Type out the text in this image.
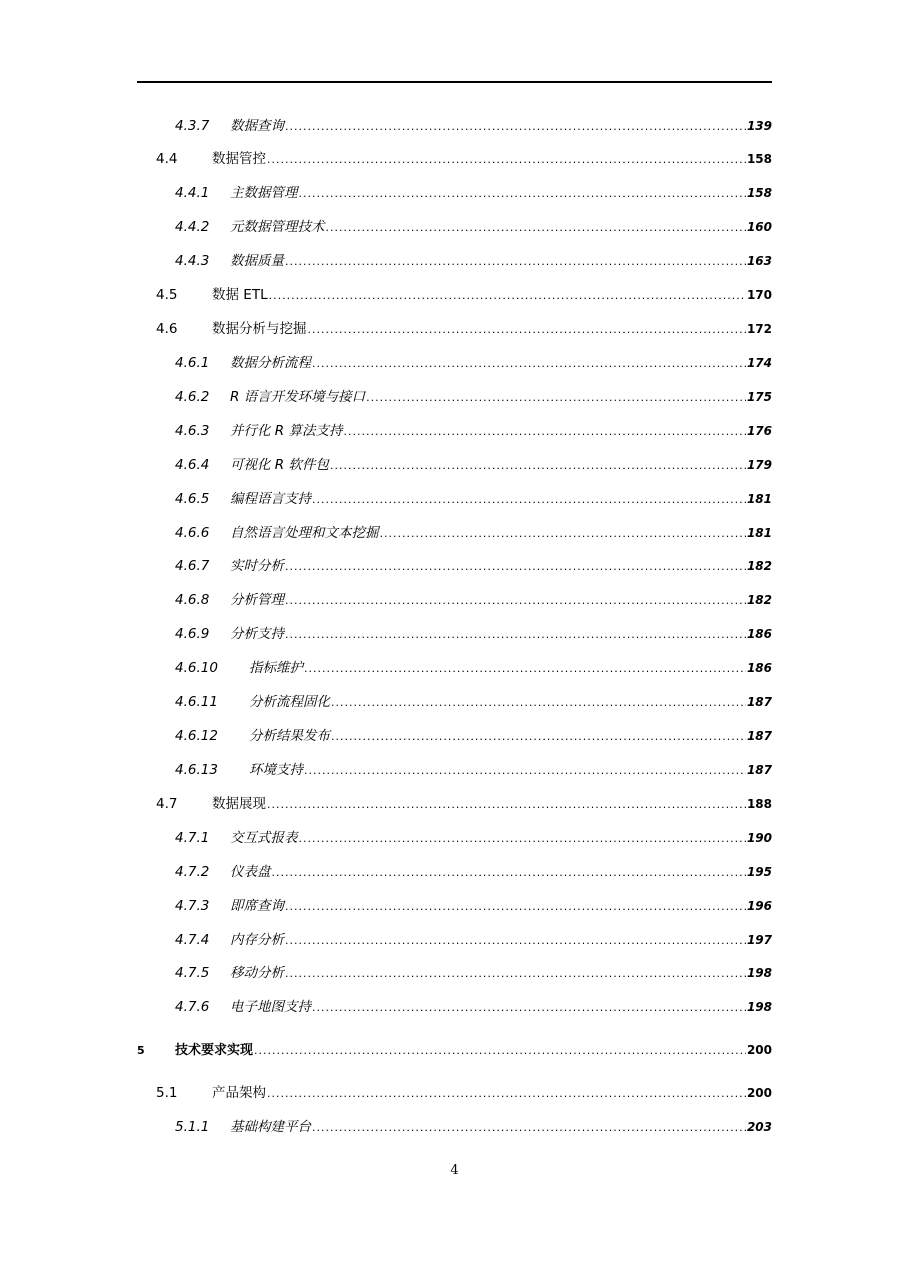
4.3.7	数据查询 .....	139
4.4	数据管控 .....	158
4.4.1	主数据管理 .....	158
4.4.2	元数据管理技术 .....	160
4.4.3	数据质量 .....	163
4.5	数据 ETL .....	170
4.6	数据分析与挖掘 .....	172
4.6.1	数据分析流程 .....	174
4.6.2	R 语言开发环境与接口 .....	175
4.6.3	并行化 R 算法支持 .....	176
4.6.4	可视化 R 软件包 .....	179
4.6.5	编程语言支持 .....	181
4.6.6	自然语言处理和文本挖掘 .....	181
4.6.7	实时分析 .....	182
4.6.8	分析管理 .....	182
4.6.9	分析支持 .....	186
4.6.10	指标维护 .....	186
4.6.11	分析流程固化 .....	187
4.6.12	分析结果发布 .....	187
4.6.13	环境支持 .....	187
4.7	数据展现 .....	188
4.7.1	交互式报表 .....	190
4.7.2	仪表盘 .....	195
4.7.3	即席查询 .....	196
4.7.4	内存分析 .....	197
4.7.5	移动分析 .....	198
4.7.6	电子地图支持 .....	198
5	技术要求实现 .....	200
5.1	产品架构 .....	200
5.1.1	基础构建平台 .....	203
4
